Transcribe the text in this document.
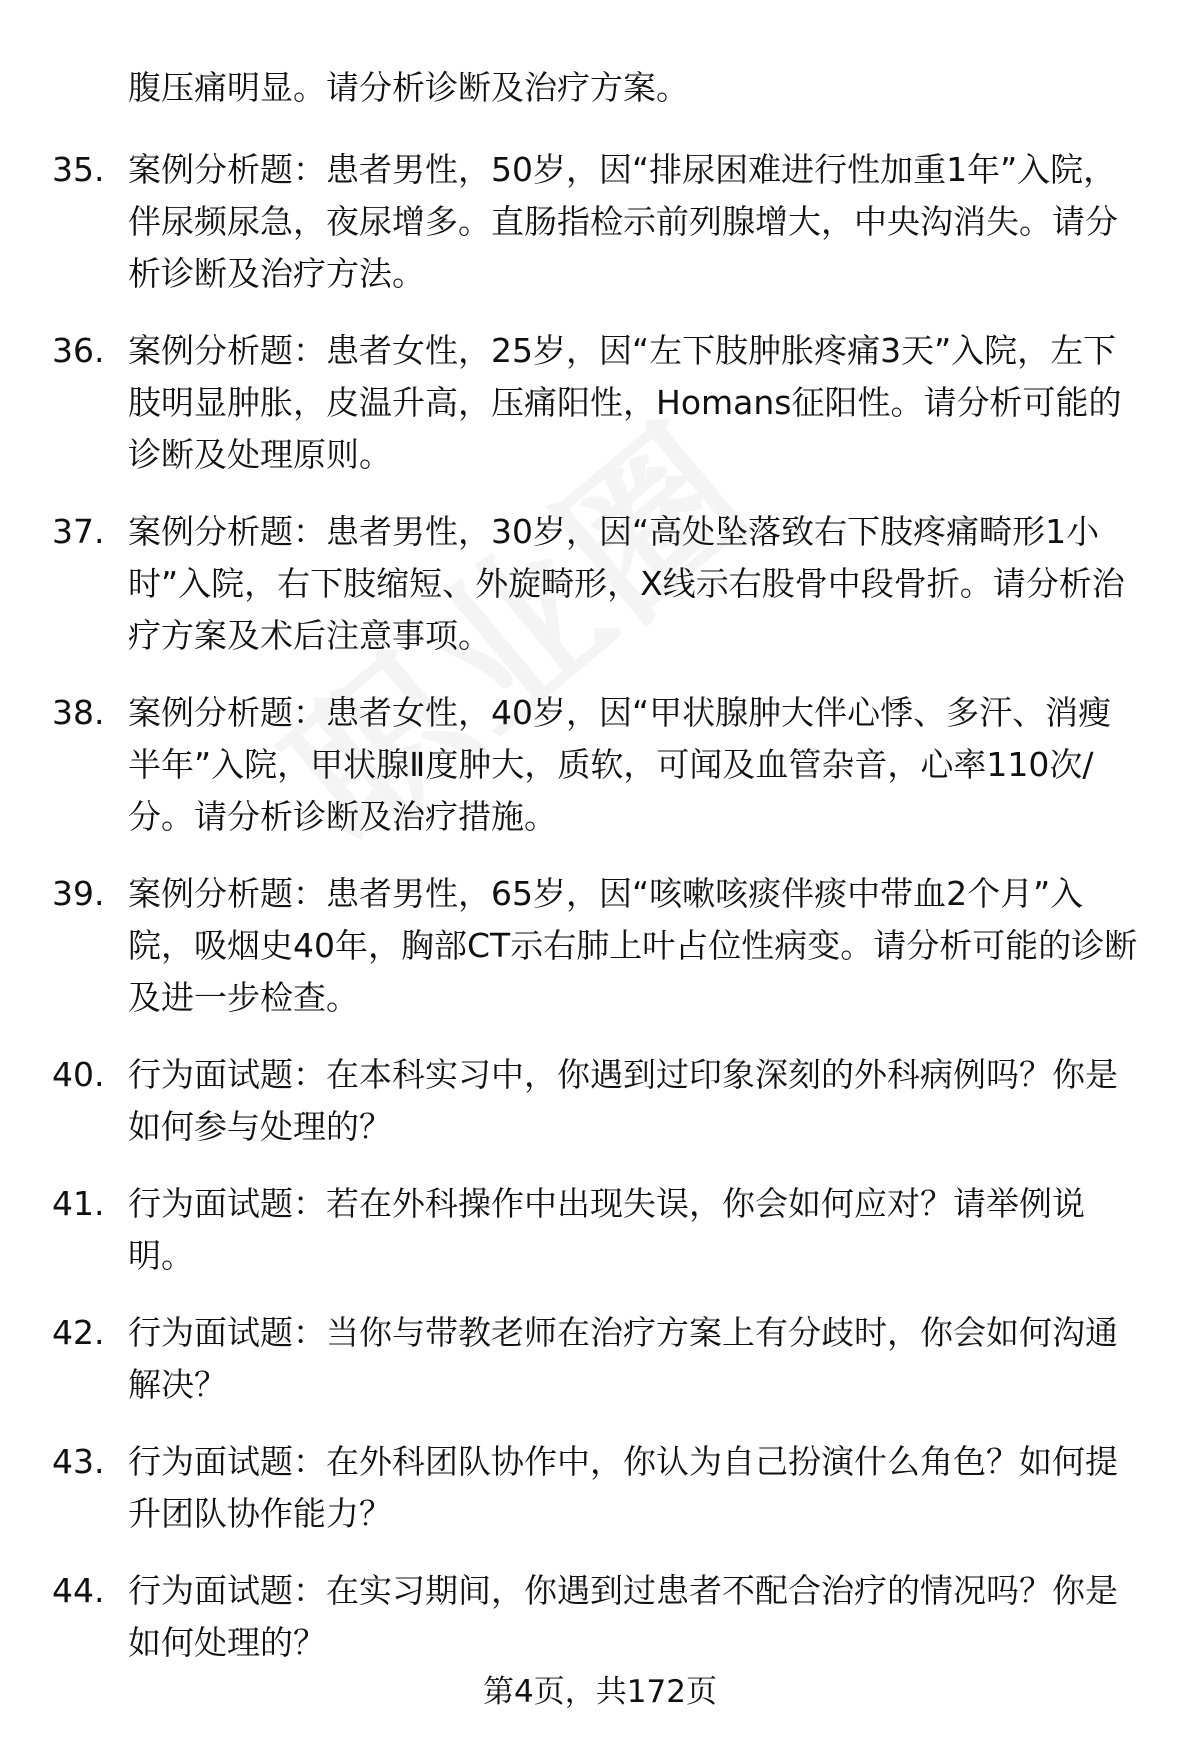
腹压痛明显。请分析诊断及治疗方案。
35. 案例分析题：患者男性，50岁，因“排尿困难进行性加重1年”入院，伴尿频尿急，夜尿增多。直肠指检示前列腺增大，中央沟消失。请分析诊断及治疗方法。
36. 案例分析题：患者女性，25岁，因“左下肢肿胀疼痛3天”入院，左下肢明显肿胀，皮温升高，压痛阳性，Homans征阳性。请分析可能的诊断及处理原则。
37. 案例分析题：患者男性，30岁，因“高处坠落致右下肢疼痛畸形1小时”入院，右下肢缩短、外旋畸形，X线示右股骨中段骨折。请分析治疗方案及术后注意事项。
38. 案例分析题：患者女性，40岁，因“甲状腺肿大伴心悸、多汗、消瘦半年”入院，甲状腺Ⅱ度肿大，质软，可闻及血管杂音，心率110次/分。请分析诊断及治疗措施。
39. 案例分析题：患者男性，65岁，因“咳嗽咳痰伴痰中带血2个月”入院，吸烟史40年，胸部CT示右肺上叶占位性病变。请分析可能的诊断及进一步检查。
40. 行为面试题：在本科实习中，你遇到过印象深刻的外科病例吗？你是如何参与处理的？
41. 行为面试题：若在外科操作中出现失误，你会如何应对？请举例说明。
42. 行为面试题：当你与带教老师在治疗方案上有分歧时，你会如何沟通解决？
43. 行为面试题：在外科团队协作中，你认为自己扮演什么角色？如何提升团队协作能力？
44. 行为面试题：在实习期间，你遇到过患者不配合治疗的情况吗？你是如何处理的？
第4页，共172页
